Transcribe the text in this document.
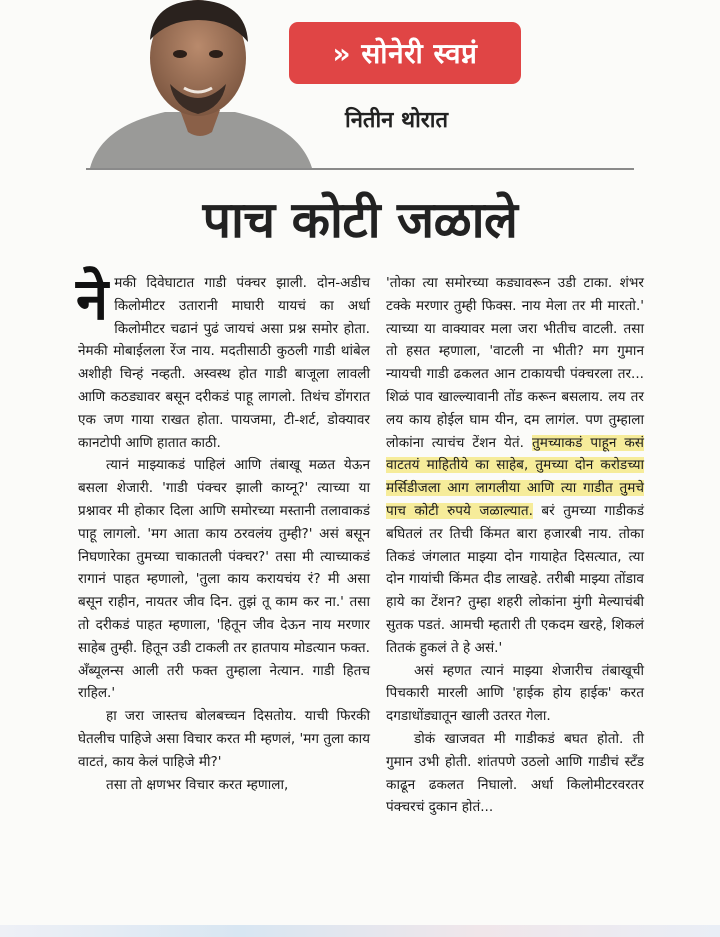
» सोनेरी स्वप्नं
नितीन थोरात
पाच कोटी जळाले

नेमकी दिवेघाटात गाडी पंक्चर झाली. दोन-अडीच किलोमीटर उतारानी माघारी यायचं का अर्धा किलोमीटर चढानं पुढं जायचं असा प्रश्न समोर होता. नेमकी मोबाईलला रेंज नाय. मदतीसाठी कुठली गाडी थांबेल अशीही चिन्हं नव्हती. अस्वस्थ होत गाडी बाजूला लावली आणि कठड्यावर बसून दरीकडं पाहू लागलो. तिथंच डोंगरात एक जण गाया राखत होता. पायजमा, टी-शर्ट, डोक्यावर कानटोपी आणि हातात काठी.

त्यानं माझ्याकडं पाहिलं आणि तंबाखू मळत येऊन बसला शेजारी. 'गाडी पंक्चर झाली काय्नू?' त्याच्या या प्रश्नावर मी होकार दिला आणि समोरच्या मस्तानी तलावाकडं पाहू लागलो. 'मग आता काय ठरवलंय तुम्ही?' असं बसून निघणारेका तुमच्या चाकातली पंक्चर?' तसा मी त्याच्याकडं रागानं पाहत म्हणालो, 'तुला काय करायचंय रं? मी असा बसून राहीन, नायतर जीव दिन. तुझं तू काम कर ना.' तसा तो दरीकडं पाहत म्हणाला, 'हितून जीव देऊन नाय मरणार साहेब तुम्ही. हितून उडी टाकली तर हातपाय मोडत्यान फक्त. अँब्यूलन्स आली तरी फक्त तुम्हाला नेत्यान. गाडी हितच राहिल.'

हा जरा जास्तच बोलबच्चन दिसतोय. याची फिरकी घेतलीच पाहिजे असा विचार करत मी म्हणलं, 'मग तुला काय वाटतं, काय केलं पाहिजे मी?'

तसा तो क्षणभर विचार करत म्हणाला,

'तोका त्या समोरच्या कड्यावरून उडी टाका. शंभर टक्के मरणार तुम्ही फिक्स. नाय मेला तर मी मारतो.' त्याच्या या वाक्यावर मला जरा भीतीच वाटली. तसा तो हसत म्हणाला, 'वाटली ना भीती? मग गुमान न्यायची गाडी ढकलत आन टाकायची पंक्चरला तर... शिळं पाव खाल्ल्यावानी तोंड करून बसलाय. लय तर लय काय होईल घाम यीन, दम लागंल. पण तुम्हाला लोकांना त्याचंच टेंशन येतं. तुमच्याकडं पाहून कसं वाटतयं माहितीये का साहेब, तुमच्या दोन करोडच्या मर्सिडीजला आग लागलीया आणि त्या गाडीत तुमचे पाच कोटी रुपये जळाल्यात. बरं तुमच्या गाडीकडं बघितलं तर तिची किंमत बारा हजारबी नाय. तोका तिकडं जंगलात माझ्या दोन गायाहेत दिसत्यात, त्या दोन गायांची किंमत दीड लाखहे. तरीबी माझ्या तोंडाव हाये का टेंशन? तुम्हा शहरी लोकांना मुंगी मेल्याचंबी सुतक पडतं. आमची म्हतारी ती एकदम खरहे, शिकलं तितकं हुकलं ते हे असं.'

असं म्हणत त्यानं माझ्या शेजारीच तंबाखूची पिचकारी मारली आणि 'हाईक होय हाईक' करत दगडाधोंड्यातून खाली उतरत गेला.

डोकं खाजवत मी गाडीकडं बघत होतो. ती गुमान उभी होती. शांतपणे उठलो आणि गाडीचं स्टँड काढून ढकलत निघालो. अर्धा किलोमीटरवरतर पंक्चरचं दुकान होतं...
